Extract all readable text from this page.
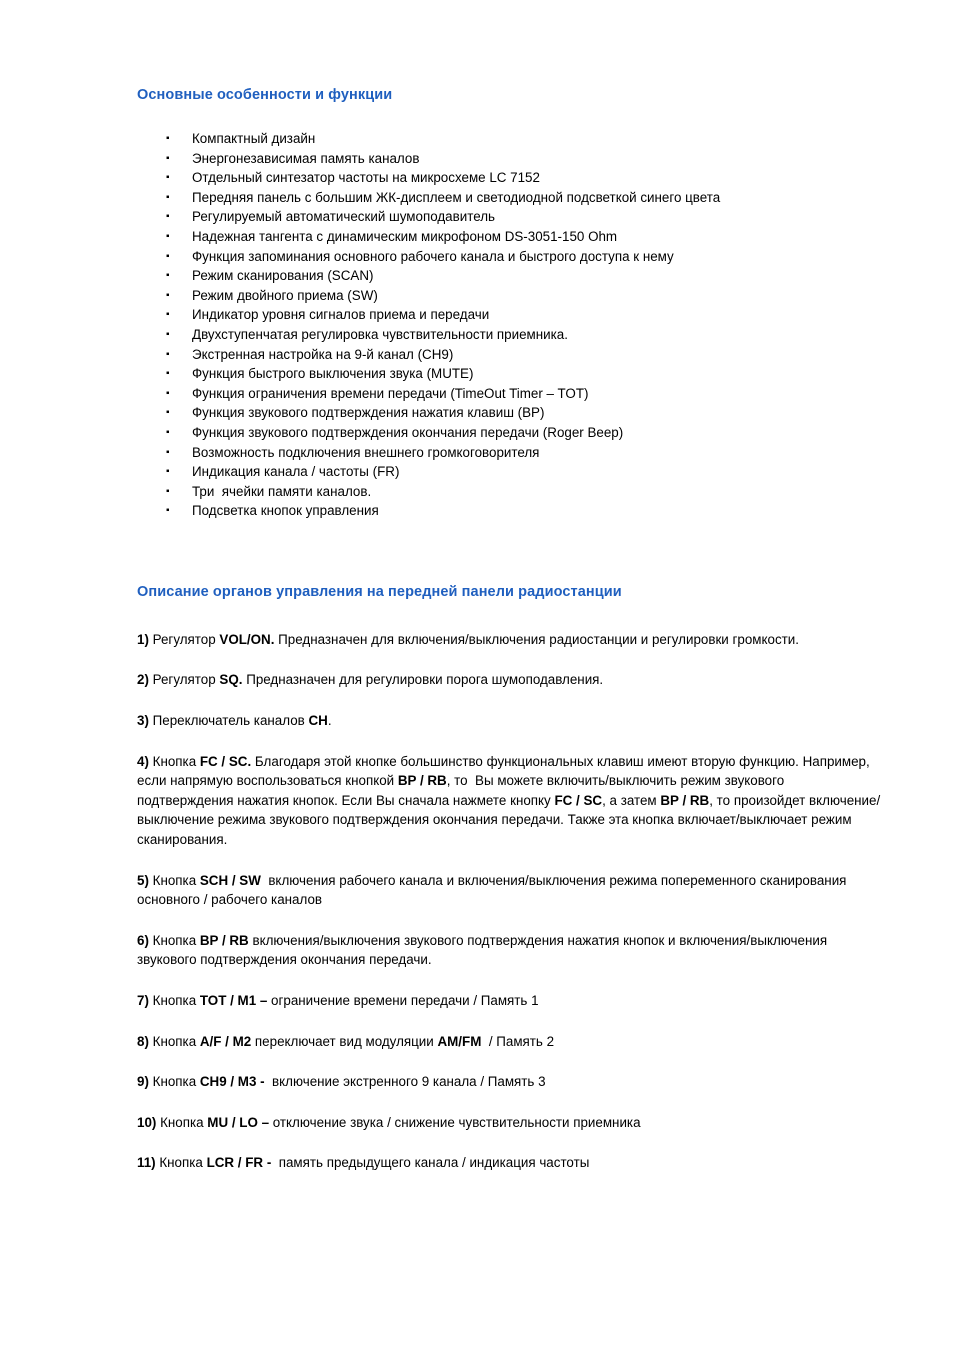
Основные особенности и функции
▪ Компактный дизайн
▪ Энергонезависимая память каналов
▪ Отдельный синтезатор частоты на микросхеме LC 7152
▪ Передняя панель с большим ЖК-дисплеем и светодиодной подсветкой синего цвета
▪ Регулируемый автоматический шумоподавитель
▪ Надежная тангента с динамическим микрофоном DS-3051-150 Ohm
▪ Функция запоминания основного рабочего канала и быстрого доступа к нему
▪ Режим сканирования (SCAN)
▪ Режим двойного приема (SW)
▪ Индикатор уровня сигналов приема и передачи
▪ Двухступенчатая регулировка чувствительности приемника.
▪ Экстренная настройка на 9-й канал (CH9)
▪ Функция быстрого выключения звука (MUTE)
▪ Функция ограничения времени передачи (TimeOut Timer – TOT)
▪ Функция звукового подтверждения нажатия клавиш (BP)
▪ Функция звукового подтверждения окончания передачи (Roger Beep)
▪ Возможность подключения внешнего громкоговорителя
▪ Индикация канала / частоты (FR)
▪ Три  ячейки памяти каналов.
▪ Подсветка кнопок управления
Описание органов управления на передней панели радиостанции

1) Регулятор VOL/ON. Предназначен для включения/выключения радиостанции и регулировки громкости.

2) Регулятор SQ. Предназначен для регулировки порога шумоподавления.

3) Переключатель каналов CH.

4) Кнопка FC / SC. Благодаря этой кнопке большинство функциональных клавиш имеют вторую функцию. Например, если напрямую воспользоваться кнопкой BP / RB, то  Вы можете включить/выключить режим звукового подтверждения нажатия кнопок. Если Вы сначала нажмете кнопку FC / SC, а затем BP / RB, то произойдет включение/выключение режима звукового подтверждения окончания передачи. Также эта кнопка включает/выключает режим сканирования.

5) Кнопка SCH / SW  включения рабочего канала и включения/выключения режима попеременного сканирования основного / рабочего каналов

6) Кнопка BP / RB включения/выключения звукового подтверждения нажатия кнопок и включения/выключения звукового подтверждения окончания передачи.

7) Кнопка TOT / M1 – ограничение времени передачи / Память 1

8) Кнопка A/F / M2 переключает вид модуляции AM/FM  / Память 2

9) Кнопка CH9 / M3 -  включение экстренного 9 канала / Память 3

10) Кнопка MU / LO – отключение звука / снижение чувствительности приемника

11) Кнопка LCR / FR -  память предыдущего канала / индикация частоты
